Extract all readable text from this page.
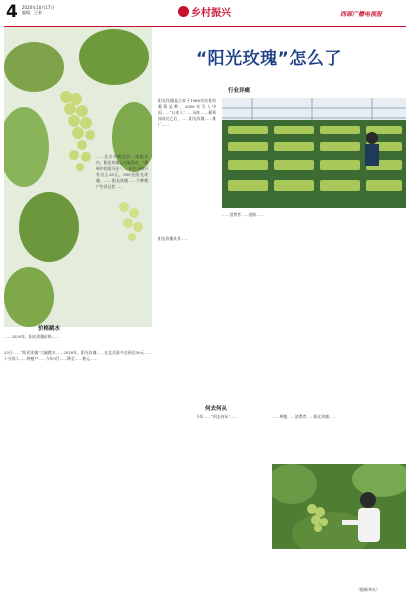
4 2020年10月17日
编辑：王景	乡村振兴	西部广播电视报
“阳光玫瑰”怎么了
行业异痛
价格跳水
何去何从
……北京市海淀区一家超市内，阳光玫瑰正在搞活动，“葡萄中的爱马仕”……价位分明只有这么20元，500克阳光玫瑰，……阳光玫瑰……个种植户告诉记者……
阳光玫瑰是日本于1988年培育的葡萄品种，2006年引入中国……“日本人”……同年……葡萄园成功之后，……阳光玫瑰……推广……
……消费者……选购……
阳光玫瑰具有……
……2020年，阳光玫瑰价格……
23日……“阳光玫瑰”大幅跳水……2018年，阳光玫瑰……在北京最多达到近50元……十分惊人……种植户……今年9月……降至……数元……
今年……“何去何从”……	……种植……消费者……阳光玫瑰……
（据新华社）
